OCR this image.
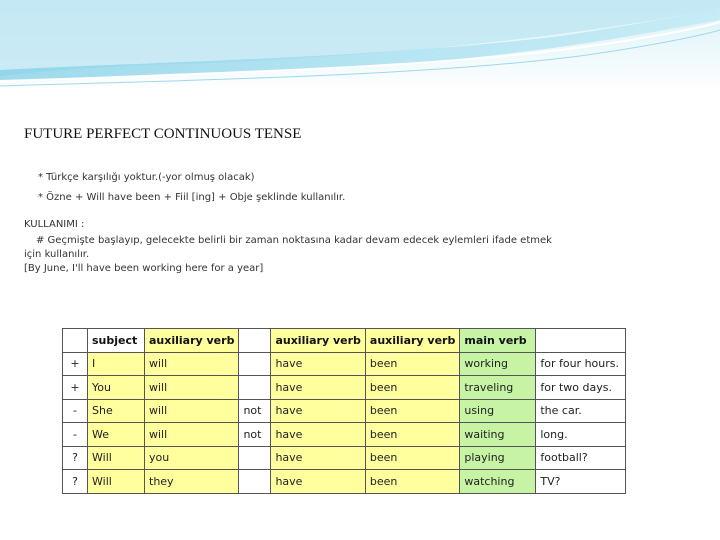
FUTURE PERFECT CONTINUOUS TENSE
* Türkçe karşılığı yoktur.(-yor olmuş olacak)
* Özne + Will have been + Fiil [ing] + Obje şeklinde kullanılır.
KULLANIMI :
# Geçmişte başlayıp, gelecekte belirli bir zaman noktasına kadar devam edecek eylemleri ifade etmek
için kullanılır.
[By June, I'll have been working here for a year]
	subject	auxiliary verb		auxiliary verb	auxiliary verb	main verb	
+	I	will		have	been	working	for four hours.
+	You	will		have	been	traveling	for two days.
-	She	will	not	have	been	using	the car.
-	We	will	not	have	been	waiting	long.
?	Will	you		have	been	playing	football?
?	Will	they		have	been	watching	TV?
